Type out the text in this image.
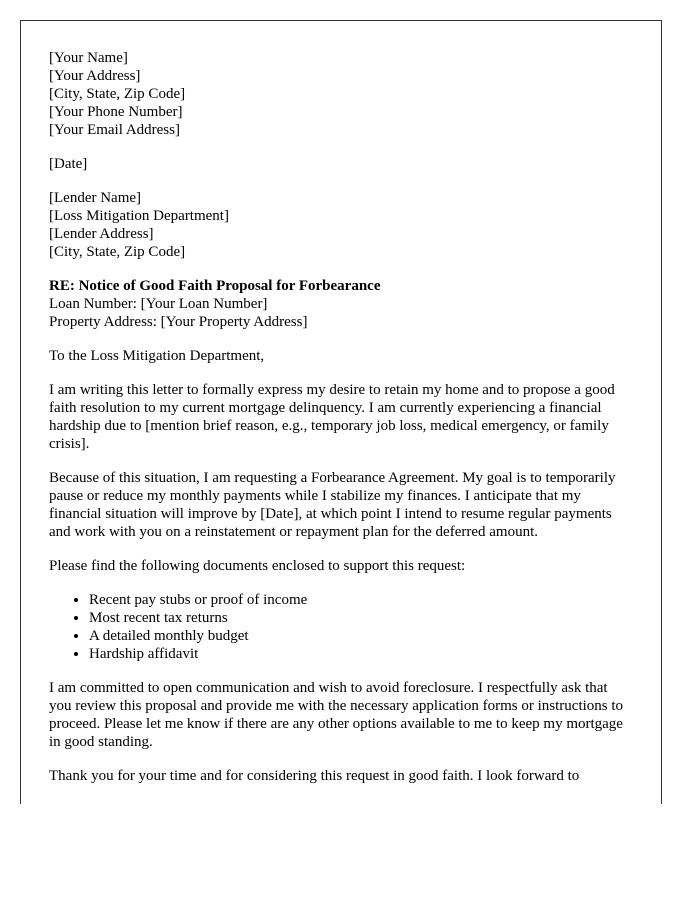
[Your Name]
[Your Address]
[City, State, Zip Code]
[Your Phone Number]
[Your Email Address]

[Date]

[Lender Name]
[Loss Mitigation Department]
[Lender Address]
[City, State, Zip Code]

RE: Notice of Good Faith Proposal for Forbearance
Loan Number: [Your Loan Number]
Property Address: [Your Property Address]

To the Loss Mitigation Department,

I am writing this letter to formally express my desire to retain my home and to propose a good faith resolution to my current mortgage delinquency. I am currently experiencing a financial hardship due to [mention brief reason, e.g., temporary job loss, medical emergency, or family crisis].

Because of this situation, I am requesting a Forbearance Agreement. My goal is to temporarily pause or reduce my monthly payments while I stabilize my finances. I anticipate that my financial situation will improve by [Date], at which point I intend to resume regular payments and work with you on a reinstatement or repayment plan for the deferred amount.

Please find the following documents enclosed to support this request:

• Recent pay stubs or proof of income
• Most recent tax returns
• A detailed monthly budget
• Hardship affidavit

I am committed to open communication and wish to avoid foreclosure. I respectfully ask that you review this proposal and provide me with the necessary application forms or instructions to proceed. Please let me know if there are any other options available to me to keep my mortgage in good standing.

Thank you for your time and for considering this request in good faith. I look forward to
